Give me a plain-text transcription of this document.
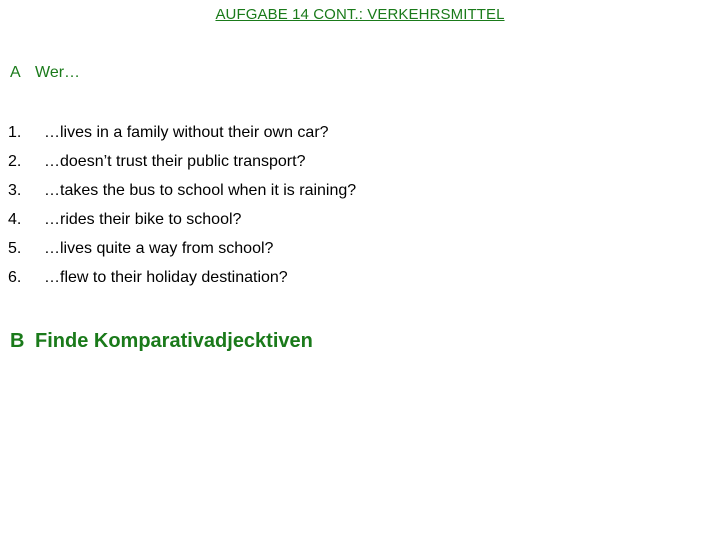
AUFGABE 14 CONT.: VERKEHRSMITTEL
A Wer…
1. …lives in a family without their own car?
2. …doesn’t trust their public transport?
3. …takes the bus to school when it is raining?
4. …rides their bike to school?
5. …lives quite a way from school?
6. …flew to their holiday destination?
B Finde Komparativadjecktiven
